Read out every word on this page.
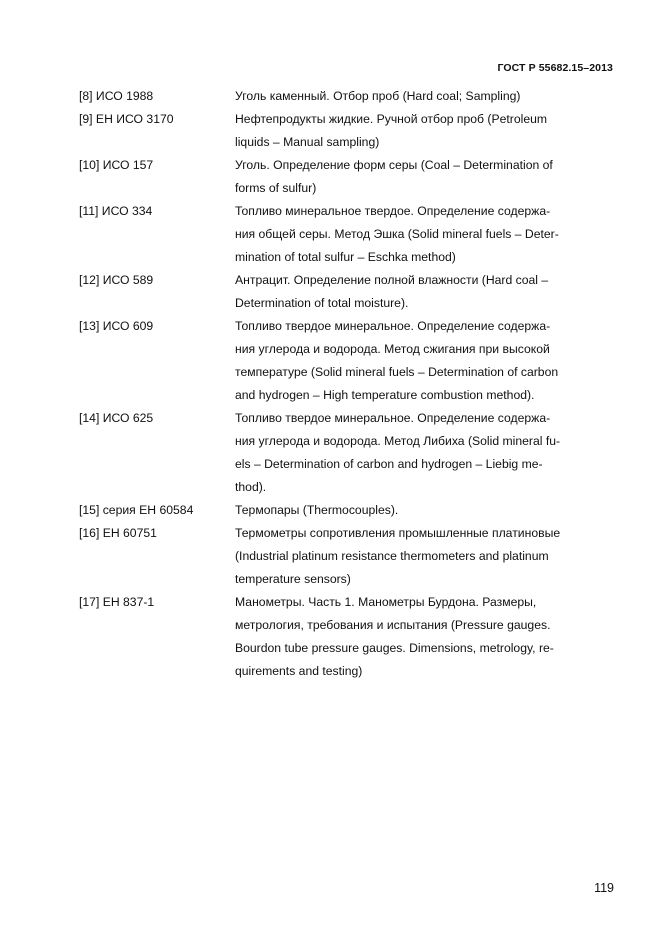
ГОСТ Р 55682.15–2013
[8] ИСО 1988	Уголь каменный. Отбор проб (Hard coal; Sampling)
[9] ЕН ИСО 3170	Нефтепродукты жидкие. Ручной отбор проб (Petroleum
liquids – Manual sampling)
[10] ИСО 157	Уголь. Определение форм серы (Coal – Determination of
forms of sulfur)
[11] ИСО 334	Топливо минеральное твердое. Определение содержа-
ния общей серы. Метод Эшка (Solid mineral fuels – Deter-
mination of total sulfur – Eschka method)
[12] ИСО 589	Антрацит. Определение полной влажности (Hard coal –
Determination of total moisture).
[13] ИСО 609	Топливо твердое минеральное. Определение содержа-
ния углерода и водорода. Метод сжигания при высокой
температуре (Solid mineral fuels – Determination of carbon
and hydrogen – High temperature combustion method).
[14] ИСО 625	Топливо твердое минеральное. Определение содержа-
ния углерода и водорода. Метод Либиха (Solid mineral fu-
els – Determination of carbon and hydrogen – Liebig me-
thod).
[15] серия ЕН 60584	Термопары (Thermocouples).
[16] ЕН 60751	Термометры сопротивления промышленные платиновые
(Industrial platinum resistance thermometers and platinum
temperature sensors)
[17] ЕН 837-1	Манометры. Часть 1. Манометры Бурдона. Размеры,
метрология, требования и испытания (Pressure gauges.
Bourdon tube pressure gauges. Dimensions, metrology, re-
quirements and testing)
119
